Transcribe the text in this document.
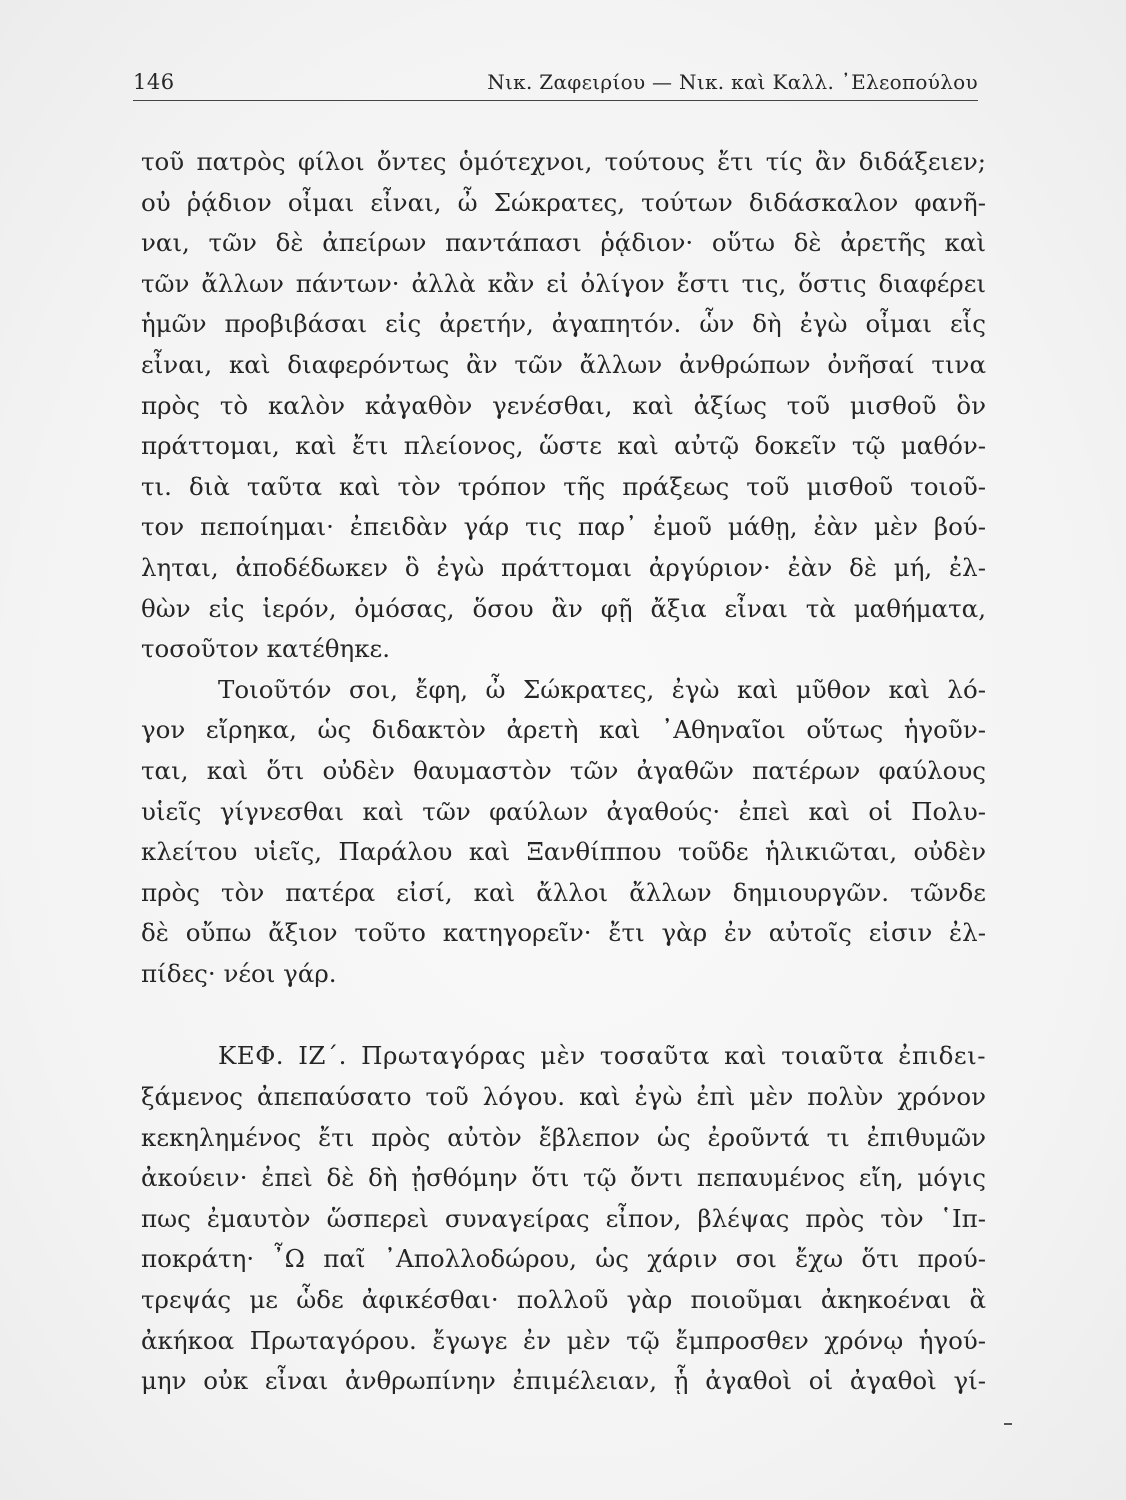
146	Νικ. Ζαφειρίου — Νικ. καὶ Καλλ. ᾿Ελεοπούλου
τοῦ πατρὸς φίλοι ὄντες ὁμότεχνοι, τούτους ἔτι τίς ἂν διδάξειεν;
οὐ ῥᾴδιον οἶμαι εἶναι, ὦ Σώκρατες, τούτων διδάσκαλον φανῆ-
ναι, τῶν δὲ ἀπείρων παντάπασι ῥᾴδιον· οὕτω δὲ ἀρετῆς καὶ
τῶν ἄλλων πάντων· ἀλλὰ κἂν εἰ ὀλίγον ἔστι τις, ὅστις διαφέρει
ἡμῶν προβιβάσαι εἰς ἀρετήν, ἀγαπητόν. ὧν δὴ ἐγὼ οἶμαι εἷς
εἶναι, καὶ διαφερόντως ἂν τῶν ἄλλων ἀνθρώπων ὀνῆσαί τινα
πρὸς τὸ καλὸν κἀγαθὸν γενέσθαι, καὶ ἀξίως τοῦ μισθοῦ ὃν
πράττομαι, καὶ ἔτι πλείονος, ὥστε καὶ αὐτῷ δοκεῖν τῷ μαθόν-
τι. διὰ ταῦτα καὶ τὸν τρόπον τῆς πράξεως τοῦ μισθοῦ τοιοῦ-
τον πεποίημαι· ἐπειδὰν γάρ τις παρ᾿ ἐμοῦ μάθῃ, ἐὰν μὲν βού-
ληται, ἀποδέδωκεν ὃ ἐγὼ πράττομαι ἀργύριον· ἐὰν δὲ μή, ἐλ-
θὼν εἰς ἱερόν, ὀμόσας, ὅσου ἂν φῇ ἄξια εἶναι τὰ μαθήματα,
τοσοῦτον κατέθηκε.
Τοιοῦτόν σοι, ἔφη, ὦ Σώκρατες, ἐγὼ καὶ μῦθον καὶ λό-
γον εἴρηκα, ὡς διδακτὸν ἀρετὴ καὶ ᾿Αθηναῖοι οὕτως ἡγοῦν-
ται, καὶ ὅτι οὐδὲν θαυμαστὸν τῶν ἀγαθῶν πατέρων φαύλους
υἱεῖς γίγνεσθαι καὶ τῶν φαύλων ἀγαθούς· ἐπεὶ καὶ οἱ Πολυ-
κλείτου υἱεῖς, Παράλου καὶ Ξανθίππου τοῦδε ἡλικιῶται, οὐδὲν
πρὸς τὸν πατέρα εἰσί, καὶ ἄλλοι ἄλλων δημιουργῶν. τῶνδε
δὲ οὔπω ἄξιον τοῦτο κατηγορεῖν· ἔτι γὰρ ἐν αὐτοῖς εἰσιν ἐλ-
πίδες· νέοι γάρ.
ΚΕΦ. ΙΖ΄. Πρωταγόρας μὲν τοσαῦτα καὶ τοιαῦτα ἐπιδει-
ξάμενος ἀπεπαύσατο τοῦ λόγου. καὶ ἐγὼ ἐπὶ μὲν πολὺν χρόνον
κεκηλημένος ἔτι πρὸς αὐτὸν ἔβλεπον ὡς ἐροῦντά τι ἐπιθυμῶν
ἀκούειν· ἐπεὶ δὲ δὴ ᾐσθόμην ὅτι τῷ ὄντι πεπαυμένος εἴη, μόγις
πως ἐμαυτὸν ὥσπερεὶ συναγείρας εἶπον, βλέψας πρὸς τὸν ῾Ιπ-
ποκράτη· ῏Ω παῖ ᾿Απολλοδώρου, ὡς χάριν σοι ἔχω ὅτι πρού-
τρεψάς με ὧδε ἀφικέσθαι· πολλοῦ γὰρ ποιοῦμαι ἀκηκοέναι ἃ
ἀκήκοα Πρωταγόρου. ἔγωγε ἐν μὲν τῷ ἔμπροσθεν χρόνῳ ἡγού-
μην οὐκ εἶναι ἀνθρωπίνην ἐπιμέλειαν, ᾗ ἀγαθοὶ οἱ ἀγαθοὶ γί-
